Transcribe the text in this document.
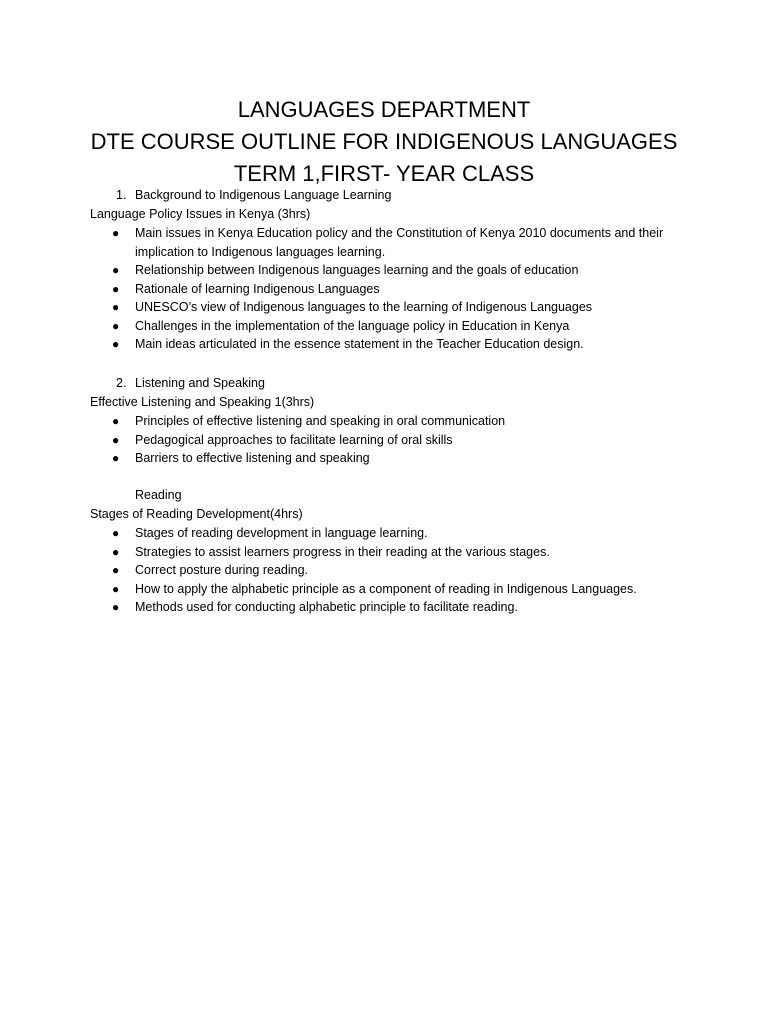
LANGUAGES DEPARTMENT
DTE COURSE OUTLINE FOR INDIGENOUS LANGUAGES
TERM 1,FIRST- YEAR CLASS
1. Background to Indigenous Language Learning
Language Policy Issues in Kenya (3hrs)
● Main issues in Kenya Education policy and the Constitution of Kenya 2010 documents and their implication to Indigenous languages learning.
● Relationship between Indigenous languages learning and the goals of education
● Rationale of learning Indigenous Languages
● UNESCO’s view of Indigenous languages to the learning of Indigenous Languages
● Challenges in the implementation of the language policy in Education in Kenya
● Main ideas articulated in the essence statement in the Teacher Education design.
2. Listening and Speaking
Effective Listening and Speaking 1(3hrs)
● Principles of effective listening and speaking in oral communication
● Pedagogical approaches to facilitate learning of oral skills
● Barriers to effective listening and speaking
Reading
Stages of Reading Development(4hrs)
● Stages of reading development in language learning.
● Strategies to assist learners progress in their reading at the various stages.
● Correct posture during reading.
● How to apply the alphabetic principle as a component of reading in Indigenous Languages.
● Methods used for conducting alphabetic principle to facilitate reading.
